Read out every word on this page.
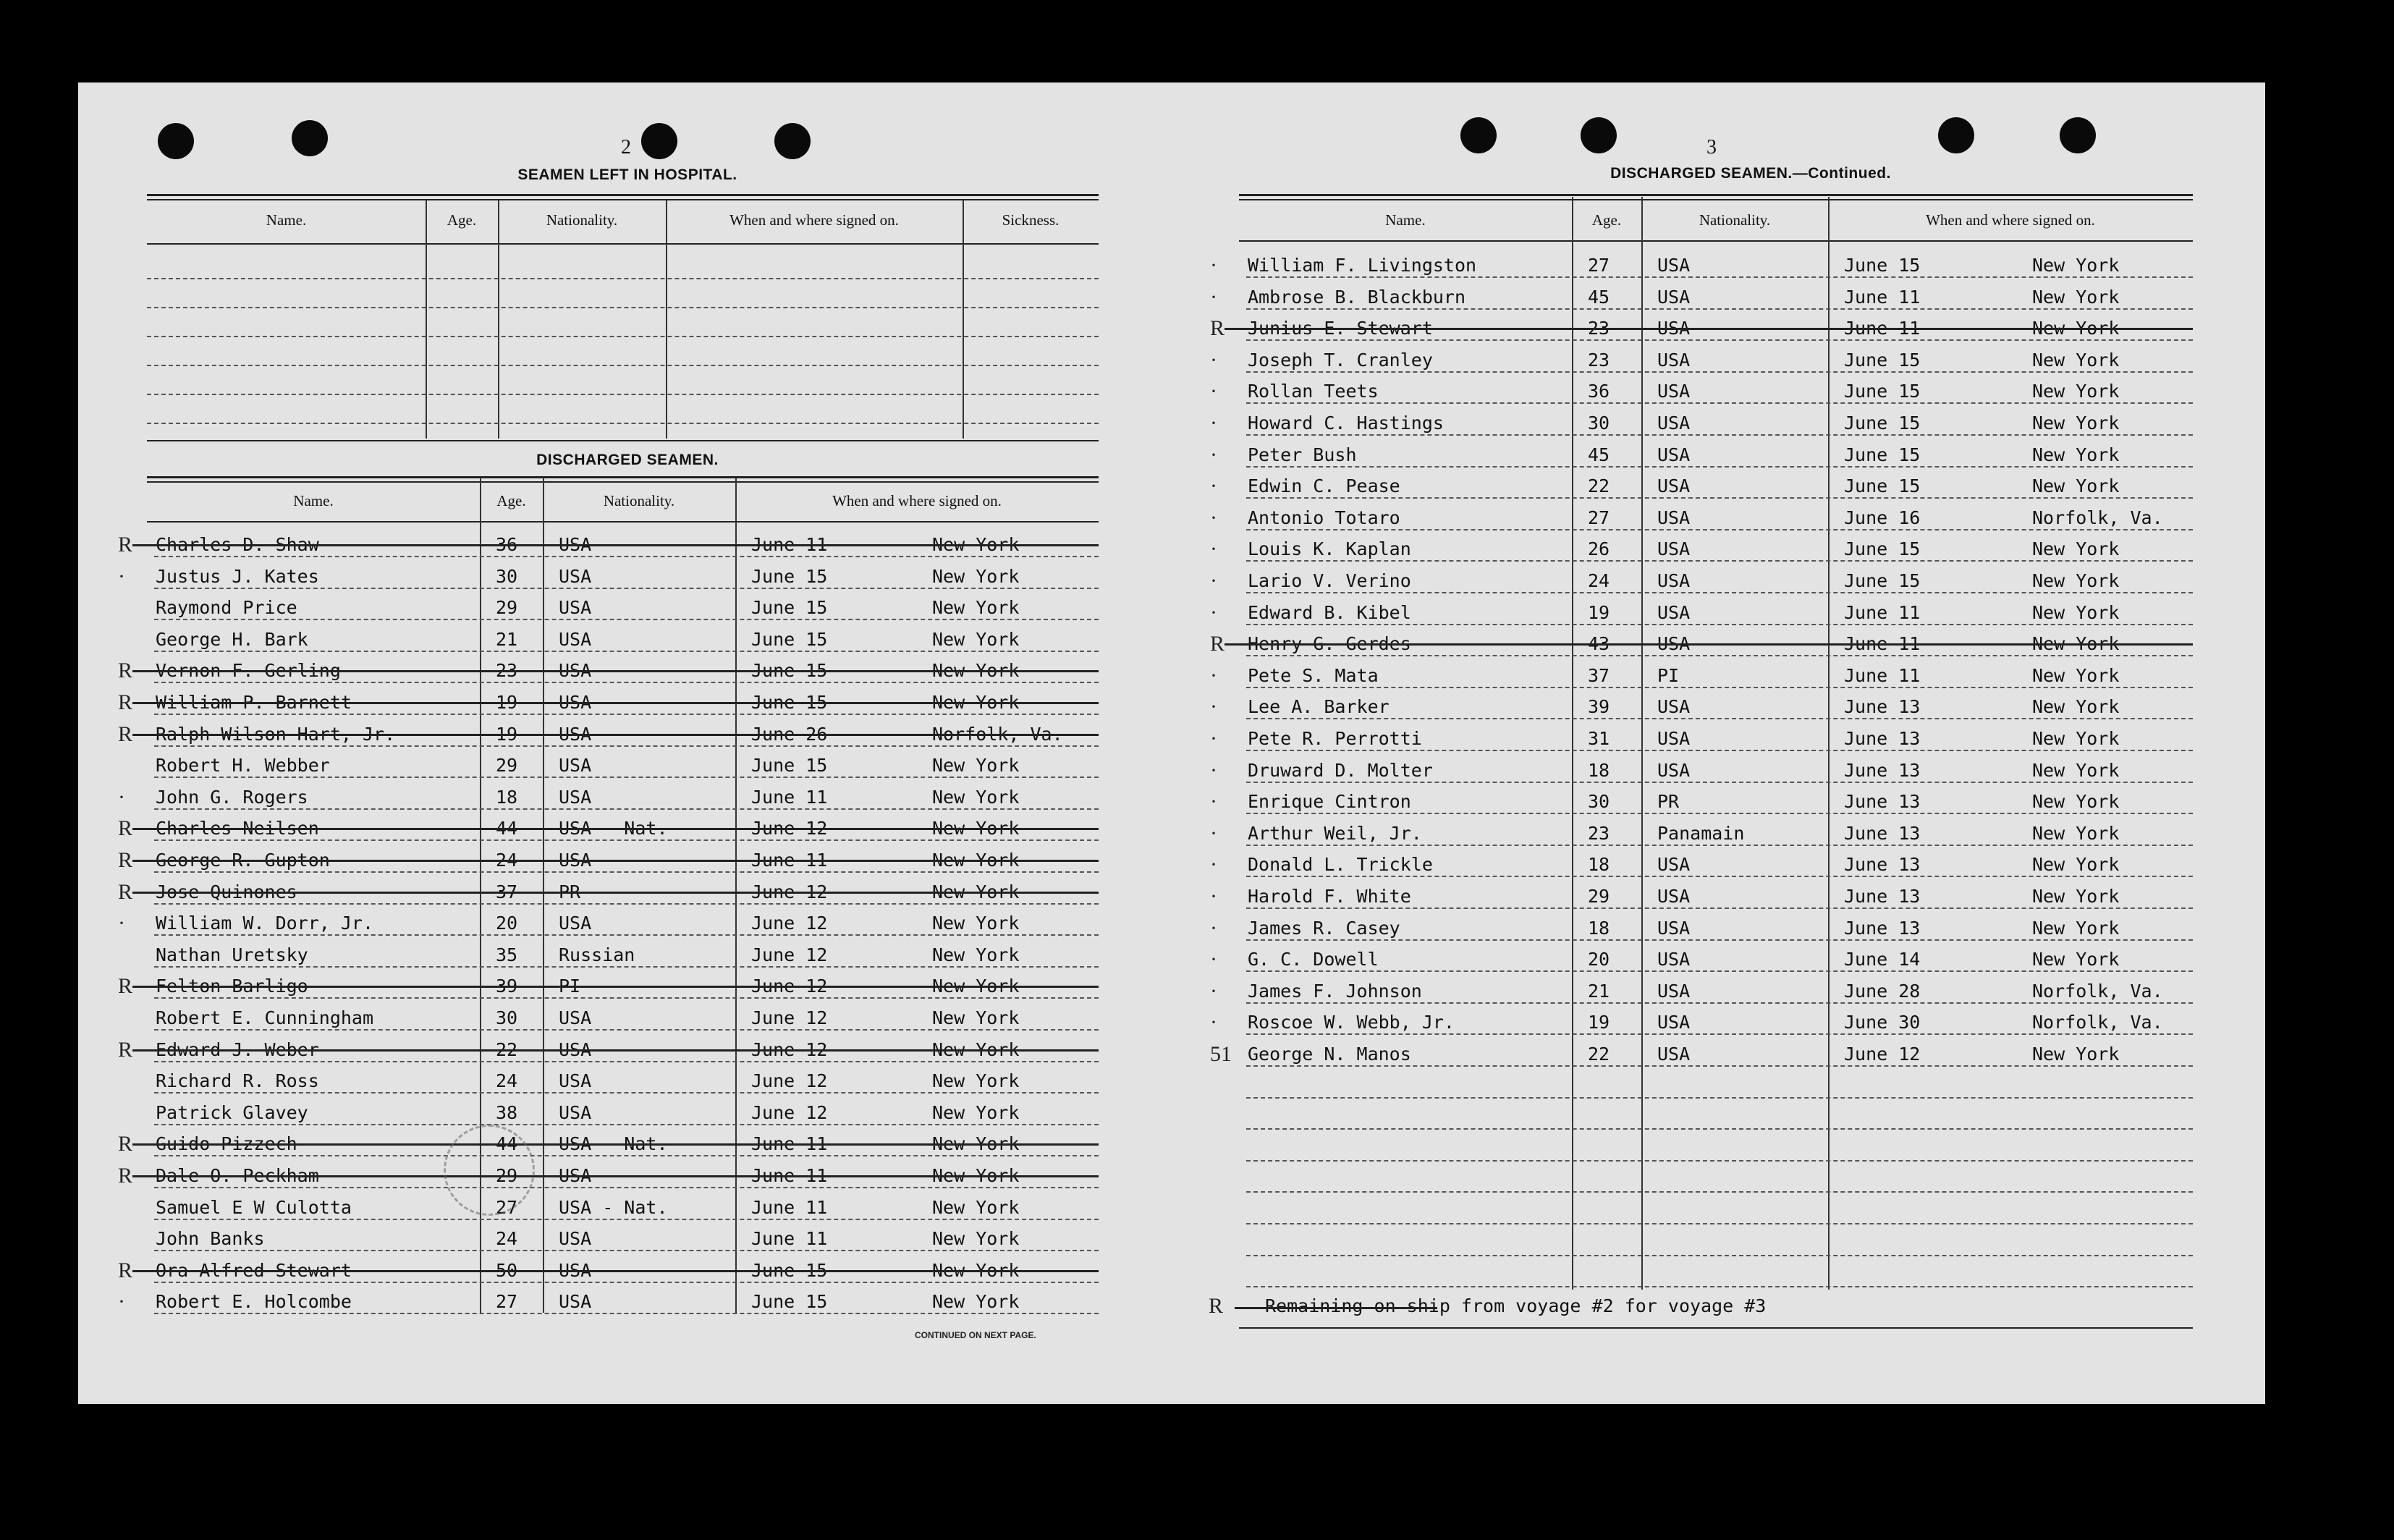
2
SEAMEN LEFT IN HOSPITAL.
Name.	Age.	Nationality.	When and where signed on.	Sickness.
DISCHARGED SEAMEN.
Name.	Age.	Nationality.	When and where signed on.
R Charles D. Shaw	36 USA	June 11	New York
· Justus J. Kates	30 USA	June 15	New York
Raymond Price	29 USA	June 15	New York
George H. Bark	21 USA	June 15	New York
R Vernon F. Gerling	23 USA	June 15	New York
R William P. Barnett	19 USA	June 15	New York
R Ralph Wilson Hart, Jr.	19 USA	June 26	Norfolk, Va.
Robert H. Webber	29 USA	June 15	New York
· John G. Rogers	18 USA	June 11	New York
R Charles Neilsen	44 USA - Nat.	June 12	New York
R George R. Gupton	24 USA	June 11	New York
R Jose Quinones	37 PR	June 12	New York
· William W. Dorr, Jr.	20 USA	June 12	New York
Nathan Uretsky	35 Russian	June 12	New York
R Felton Barligo	39 PI	June 12	New York
Robert E. Cunningham	30 USA	June 12	New York
R Edward J. Weber	22 USA	June 12	New York
Richard R. Ross	24 USA	June 12	New York
Patrick Glavey	38 USA	June 12	New York
R Guido Pizzech	44 USA - Nat.	June 11	New York
R Dale O. Peckham	29 USA	June 11	New York
Samuel E W Culotta	27 USA - Nat.	June 11	New York
John Banks	24 USA	June 11	New York
R Ora Alfred Stewart	50 USA	June 15	New York
· Robert E. Holcombe	27 USA	June 15	New York
CONTINUED ON NEXT PAGE.
3
DISCHARGED SEAMEN.—Continued.
Name.	Age.	Nationality.	When and where signed on.
· William F. Livingston	27	USA	June 15	New York
· Ambrose B. Blackburn	45	USA	June 11	New York
R Junius E. Stewart	23	USA	June 11	New York
· Joseph T. Cranley	23	USA	June 15	New York
· Rollan Teets	36	USA	June 15	New York
· Howard C. Hastings	30	USA	June 15	New York
· Peter Bush	45	USA	June 15	New York
· Edwin C. Pease	22	USA	June 15	New York
· Antonio Totaro	27	USA	June 16	Norfolk, Va.
· Louis K. Kaplan	26	USA	June 15	New York
· Lario V. Verino	24	USA	June 15	New York
· Edward B. Kibel	19	USA	June 11	New York
R Henry G. Gerdes	43	USA	June 11	New York
· Pete S. Mata	37	PI	June 11	New York
· Lee A. Barker	39	USA	June 13	New York
· Pete R. Perrotti	31	USA	June 13	New York
· Druward D. Molter	18	USA	June 13	New York
· Enrique Cintron	30	PR	June 13	New York
· Arthur Weil, Jr.	23	Panamain	June 13	New York
· Donald L. Trickle	18	USA	June 13	New York
· Harold F. White	29	USA	June 13	New York
· James R. Casey	18	USA	June 13	New York
· G. C. Dowell	20	USA	June 14	New York
· James F. Johnson	21	USA	June 28	Norfolk, Va.
· Roscoe W. Webb, Jr.	19	USA	June 30	Norfolk, Va.
51 George N. Manos	22	USA	June 12	New York
R Remaining on ship from voyage #2 for voyage #3
